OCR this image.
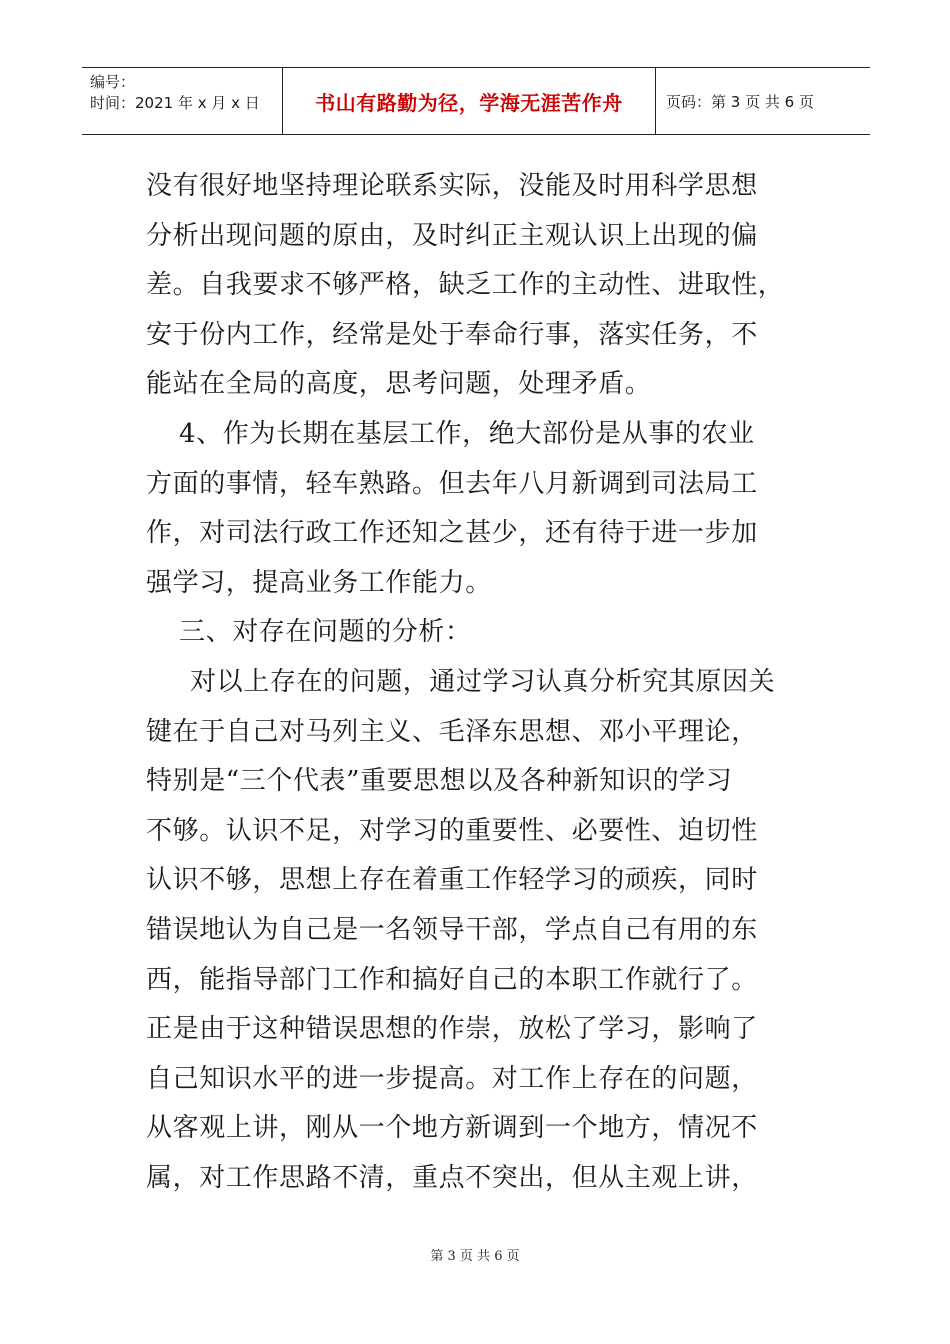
编号：
时间：2021 年 x 月 x 日	书山有路勤为径，学海无涯苦作舟	页码：第 3 页 共 6 页
没有很好地坚持理论联系实际，没能及时用科学思想
分析出现问题的原由，及时纠正主观认识上出现的偏
差。自我要求不够严格，缺乏工作的主动性、进取性，
安于份内工作，经常是处于奉命行事，落实任务，不
能站在全局的高度，思考问题，处理矛盾。
4、作为长期在基层工作，绝大部份是从事的农业
方面的事情，轻车熟路。但去年八月新调到司法局工
作，对司法行政工作还知之甚少，还有待于进一步加
强学习，提高业务工作能力。
三、对存在问题的分析：
对以上存在的问题，通过学习认真分析究其原因关
键在于自己对马列主义、毛泽东思想、邓小平理论，
特别是“三个代表”重要思想以及各种新知识的学习
不够。认识不足，对学习的重要性、必要性、迫切性
认识不够，思想上存在着重工作轻学习的顽疾，同时
错误地认为自己是一名领导干部，学点自己有用的东
西，能指导部门工作和搞好自己的本职工作就行了。
正是由于这种错误思想的作崇，放松了学习，影响了
自己知识水平的进一步提高。对工作上存在的问题，
从客观上讲，刚从一个地方新调到一个地方，情况不
属，对工作思路不清，重点不突出，但从主观上讲，
第 3 页 共 6 页
